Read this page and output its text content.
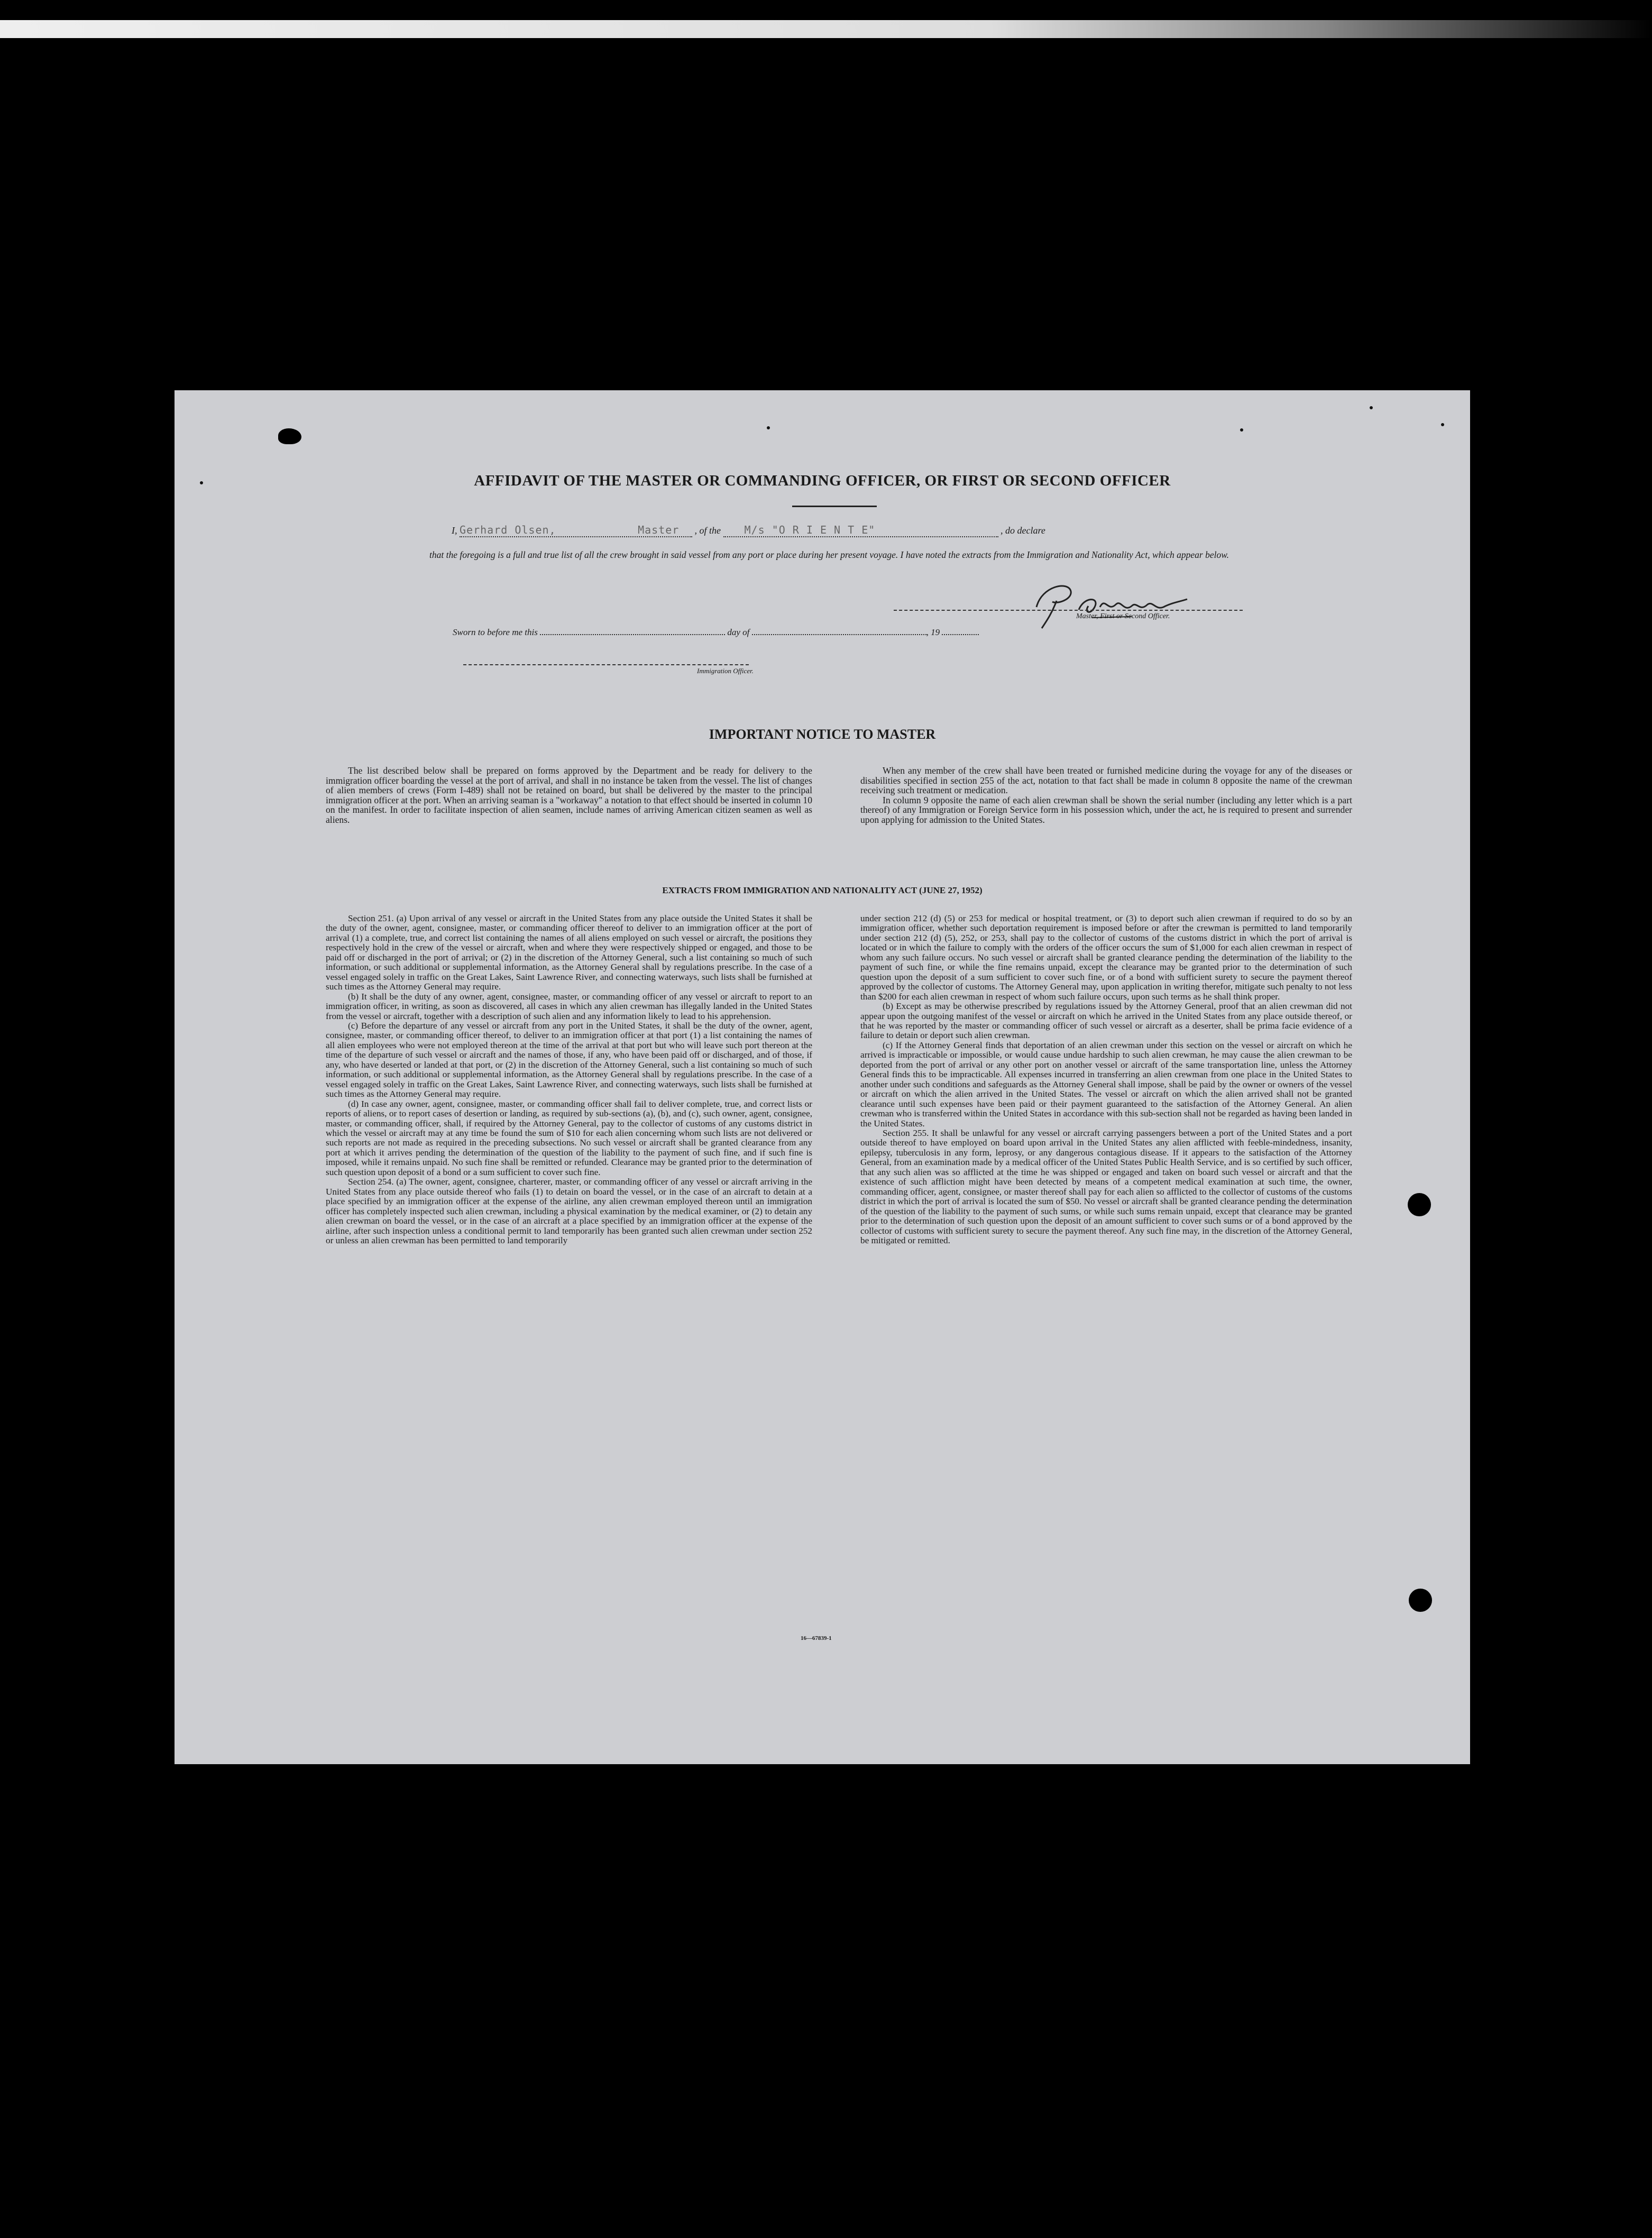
AFFIDAVIT OF THE MASTER OR COMMANDING OFFICER, OR FIRST OR SECOND OFFICER
I, Gerhard Olsen,	Master , of the M/s "O R I E N T E"	, do declare
that the foregoing is a full and true list of all the crew brought in said vessel from any port or place during her present voyage. I have noted the extracts from the Immigration and Nationality Act, which appear below.
Master, First or Second Officer.
Sworn to before me this	day of	, 19
Immigration Officer.
IMPORTANT NOTICE TO MASTER

The list described below shall be prepared on forms approved by the Department and be ready for delivery to the immigration officer boarding the vessel at the port of arrival, and shall in no instance be taken from the vessel. The list of changes of alien members of crews (Form I-489) shall not be retained on board, but shall be delivered by the master to the principal immigration officer at the port. When an arriving seaman is a "workaway" a notation to that effect should be inserted in column 10 on the manifest. In order to facilitate inspection of alien seamen, include names of arriving American citizen seamen as well as aliens.

When any member of the crew shall have been treated or furnished medicine during the voyage for any of the diseases or disabilities specified in section 255 of the act, notation to that fact shall be made in column 8 opposite the name of the crewman receiving such treatment or medication.

In column 9 opposite the name of each alien crewman shall be shown the serial number (including any letter which is a part thereof) of any Immigration or Foreign Service form in his possession which, under the act, he is required to present and surrender upon applying for admission to the United States.

EXTRACTS FROM IMMIGRATION AND NATIONALITY ACT (JUNE 27, 1952)

Section 251. (a) Upon arrival of any vessel or aircraft in the United States from any place outside the United States it shall be the duty of the owner, agent, consignee, master, or commanding officer thereof to deliver to an immigration officer at the port of arrival (1) a complete, true, and correct list containing the names of all aliens employed on such vessel or aircraft, the positions they respectively hold in the crew of the vessel or aircraft, when and where they were respectively shipped or engaged, and those to be paid off or discharged in the port of arrival; or (2) in the discretion of the Attorney General, such a list containing so much of such information, or such additional or supplemental information, as the Attorney General shall by regulations prescribe. In the case of a vessel engaged solely in traffic on the Great Lakes, Saint Lawrence River, and connecting waterways, such lists shall be furnished at such times as the Attorney General may require.

(b) It shall be the duty of any owner, agent, consignee, master, or commanding officer of any vessel or aircraft to report to an immigration officer, in writing, as soon as discovered, all cases in which any alien crewman has illegally landed in the United States from the vessel or aircraft, together with a description of such alien and any information likely to lead to his apprehension.

(c) Before the departure of any vessel or aircraft from any port in the United States, it shall be the duty of the owner, agent, consignee, master, or commanding officer thereof, to deliver to an immigration officer at that port (1) a list containing the names of all alien employees who were not employed thereon at the time of the arrival at that port but who will leave such port thereon at the time of the departure of such vessel or aircraft and the names of those, if any, who have been paid off or discharged, and of those, if any, who have deserted or landed at that port, or (2) in the discretion of the Attorney General, such a list containing so much of such information, or such additional or supplemental information, as the Attorney General shall by regulations prescribe. In the case of a vessel engaged solely in traffic on the Great Lakes, Saint Lawrence River, and connecting waterways, such lists shall be furnished at such times as the Attorney General may require.

(d) In case any owner, agent, consignee, master, or commanding officer shall fail to deliver complete, true, and correct lists or reports of aliens, or to report cases of desertion or landing, as required by sub-sections (a), (b), and (c), such owner, agent, consignee, master, or commanding officer, shall, if required by the Attorney General, pay to the collector of customs of any customs district in which the vessel or aircraft may at any time be found the sum of $10 for each alien concerning whom such lists are not delivered or such reports are not made as required in the preceding subsections. No such vessel or aircraft shall be granted clearance from any port at which it arrives pending the determination of the question of the liability to the payment of such fine, and if such fine is imposed, while it remains unpaid. No such fine shall be remitted or refunded. Clearance may be granted prior to the determination of such question upon deposit of a bond or a sum sufficient to cover such fine.

Section 254. (a) The owner, agent, consignee, charterer, master, or commanding officer of any vessel or aircraft arriving in the United States from any place outside thereof who fails (1) to detain on board the vessel, or in the case of an aircraft to detain at a place specified by an immigration officer at the expense of the airline, any alien crewman employed thereon until an immigration officer has completely inspected such alien crewman, including a physical examination by the medical examiner, or (2) to detain any alien crewman on board the vessel, or in the case of an aircraft at a place specified by an immigration officer at the expense of the airline, after such inspection unless a conditional permit to land temporarily has been granted such alien crewman under section 252 or unless an alien crewman has been permitted to land temporarily

under section 212 (d) (5) or 253 for medical or hospital treatment, or (3) to deport such alien crewman if required to do so by an immigration officer, whether such deportation requirement is imposed before or after the crewman is permitted to land temporarily under section 212 (d) (5), 252, or 253, shall pay to the collector of customs of the customs district in which the port of arrival is located or in which the failure to comply with the orders of the officer occurs the sum of $1,000 for each alien crewman in respect of whom any such failure occurs. No such vessel or aircraft shall be granted clearance pending the determination of the liability to the payment of such fine, or while the fine remains unpaid, except the clearance may be granted prior to the determination of such question upon the deposit of a sum sufficient to cover such fine, or of a bond with sufficient surety to secure the payment thereof approved by the collector of customs. The Attorney General may, upon application in writing therefor, mitigate such penalty to not less than $200 for each alien crewman in respect of whom such failure occurs, upon such terms as he shall think proper.

(b) Except as may be otherwise prescribed by regulations issued by the Attorney General, proof that an alien crewman did not appear upon the outgoing manifest of the vessel or aircraft on which he arrived in the United States from any place outside thereof, or that he was reported by the master or commanding officer of such vessel or aircraft as a deserter, shall be prima facie evidence of a failure to detain or deport such alien crewman.

(c) If the Attorney General finds that deportation of an alien crewman under this section on the vessel or aircraft on which he arrived is impracticable or impossible, or would cause undue hardship to such alien crewman, he may cause the alien crewman to be deported from the port of arrival or any other port on another vessel or aircraft of the same transportation line, unless the Attorney General finds this to be impracticable. All expenses incurred in transferring an alien crewman from one place in the United States to another under such conditions and safeguards as the Attorney General shall impose, shall be paid by the owner or owners of the vessel or aircraft on which the alien arrived in the United States. The vessel or aircraft on which the alien arrived shall not be granted clearance until such expenses have been paid or their payment guaranteed to the satisfaction of the Attorney General. An alien crewman who is transferred within the United States in accordance with this sub-section shall not be regarded as having been landed in the United States.

Section 255. It shall be unlawful for any vessel or aircraft carrying passengers between a port of the United States and a port outside thereof to have employed on board upon arrival in the United States any alien afflicted with feeble-mindedness, insanity, epilepsy, tuberculosis in any form, leprosy, or any dangerous contagious disease. If it appears to the satisfaction of the Attorney General, from an examination made by a medical officer of the United States Public Health Service, and is so certified by such officer, that any such alien was so afflicted at the time he was shipped or engaged and taken on board such vessel or aircraft and that the existence of such affliction might have been detected by means of a competent medical examination at such time, the owner, commanding officer, agent, consignee, or master thereof shall pay for each alien so afflicted to the collector of customs of the customs district in which the port of arrival is located the sum of $50. No vessel or aircraft shall be granted clearance pending the determination of the question of the liability to the payment of such sums, or while such sums remain unpaid, except that clearance may be granted prior to the determination of such question upon the deposit of an amount sufficient to cover such sums or of a bond approved by the collector of customs with sufficient surety to secure the payment thereof. Any such fine may, in the discretion of the Attorney General, be mitigated or remitted.

16—67839-1
